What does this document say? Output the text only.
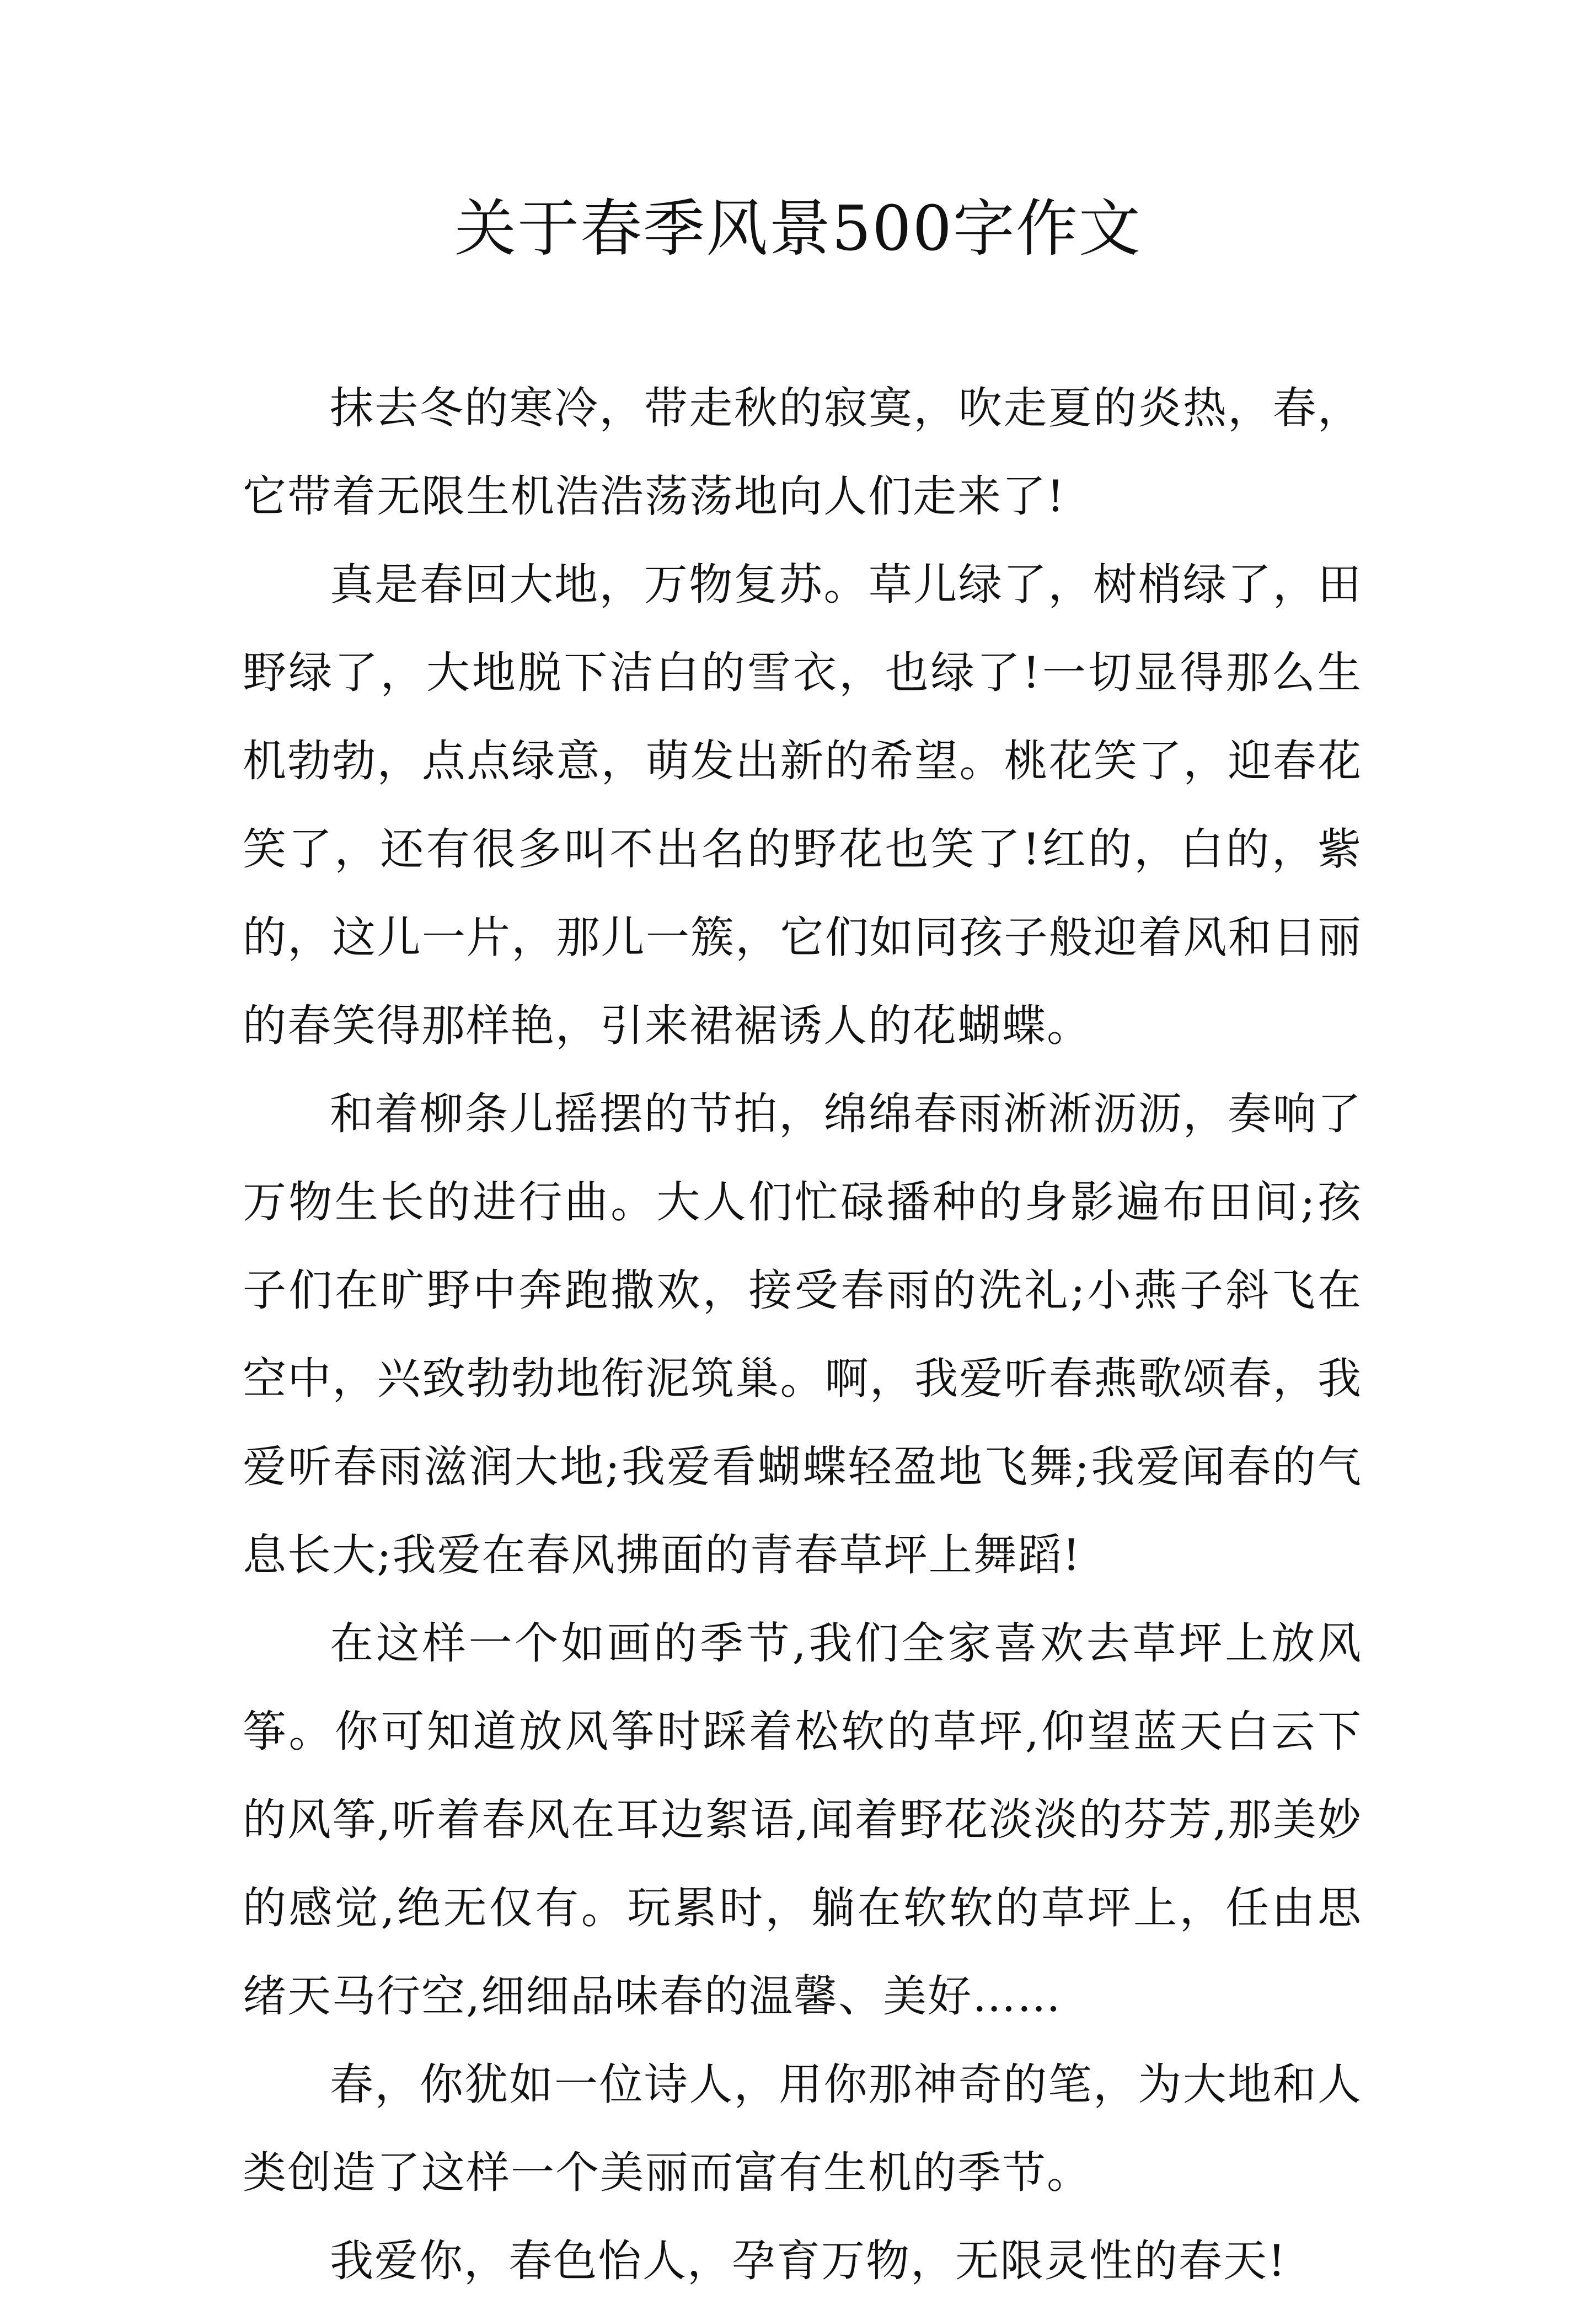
关于春季风景500字作文

抹去冬的寒冷，带走秋的寂寞，吹走夏的炎热，春，它带着无限生机浩浩荡荡地向人们走来了!

真是春回大地，万物复苏。草儿绿了，树梢绿了，田野绿了，大地脱下洁白的雪衣，也绿了!一切显得那么生机勃勃，点点绿意，萌发出新的希望。桃花笑了，迎春花笑了，还有很多叫不出名的野花也笑了!红的，白的，紫的，这儿一片，那儿一簇，它们如同孩子般迎着风和日丽的春笑得那样艳，引来裙裾诱人的花蝴蝶。

和着柳条儿摇摆的节拍，绵绵春雨淅淅沥沥，奏响了万物生长的进行曲。大人们忙碌播种的身影遍布田间;孩子们在旷野中奔跑撒欢，接受春雨的洗礼;小燕子斜飞在空中，兴致勃勃地衔泥筑巢。啊，我爱听春燕歌颂春，我爱听春雨滋润大地;我爱看蝴蝶轻盈地飞舞;我爱闻春的气息长大;我爱在春风拂面的青春草坪上舞蹈!

在这样一个如画的季节,我们全家喜欢去草坪上放风筝。你可知道放风筝时踩着松软的草坪,仰望蓝天白云下的风筝,听着春风在耳边絮语,闻着野花淡淡的芬芳,那美妙的感觉,绝无仅有。玩累时，躺在软软的草坪上，任由思绪天马行空,细细品味春的温馨、美好……

春，你犹如一位诗人，用你那神奇的笔，为大地和人类创造了这样一个美丽而富有生机的季节。

我爱你，春色怡人，孕育万物，无限灵性的春天!
